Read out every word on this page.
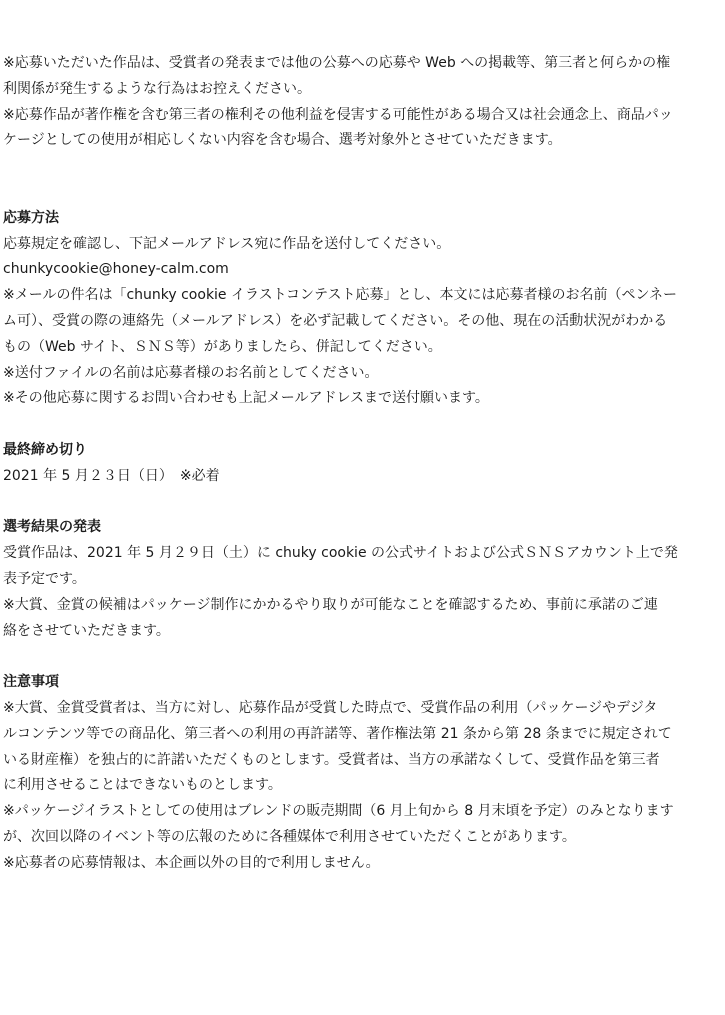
※応募いただいた作品は、受賞者の発表までは他の公募への応募や Web への掲載等、第三者と何らかの権
利関係が発生するような行為はお控えください。
※応募作品が著作権を含む第三者の権利その他利益を侵害する可能性がある場合又は社会通念上、商品パッ
ケージとしての使用が相応しくない内容を含む場合、選考対象外とさせていただきます。
応募方法
応募規定を確認し、下記メールアドレス宛に作品を送付してください。
chunkycookie@honey-calm.com
※メールの件名は「chunky cookie イラストコンテスト応募」とし、本文には応募者様のお名前（ペンネー
ム可）、受賞の際の連絡先（メールアドレス）を必ず記載してください。その他、現在の活動状況がわかる
もの（Web サイト、ＳＮＳ等）がありましたら、併記してください。
※送付ファイルの名前は応募者様のお名前としてください。
※その他応募に関するお問い合わせも上記メールアドレスまで送付願います。
最終締め切り
2021 年 5 月２３日（日）　※必着
選考結果の発表
受賞作品は、2021 年 5 月２９日（土）に chuky cookie の公式サイトおよび公式ＳＮＳアカウント上で発
表予定です。
※大賞、金賞の候補はパッケージ制作にかかるやり取りが可能なことを確認するため、事前に承諾のご連
絡をさせていただきます。
注意事項
※大賞、金賞受賞者は、当方に対し、応募作品が受賞した時点で、受賞作品の利用（パッケージやデジタ
ルコンテンツ等での商品化、第三者への利用の再許諾等、著作権法第 21 条から第 28 条までに規定されて
いる財産権）を独占的に許諾いただくものとします。受賞者は、当方の承諾なくして、受賞作品を第三者
に利用させることはできないものとします。
※パッケージイラストとしての使用はブレンドの販売期間（6 月上旬から 8 月末頃を予定）のみとなります
が、次回以降のイベント等の広報のために各種媒体で利用させていただくことがあります。
※応募者の応募情報は、本企画以外の目的で利用しません。
